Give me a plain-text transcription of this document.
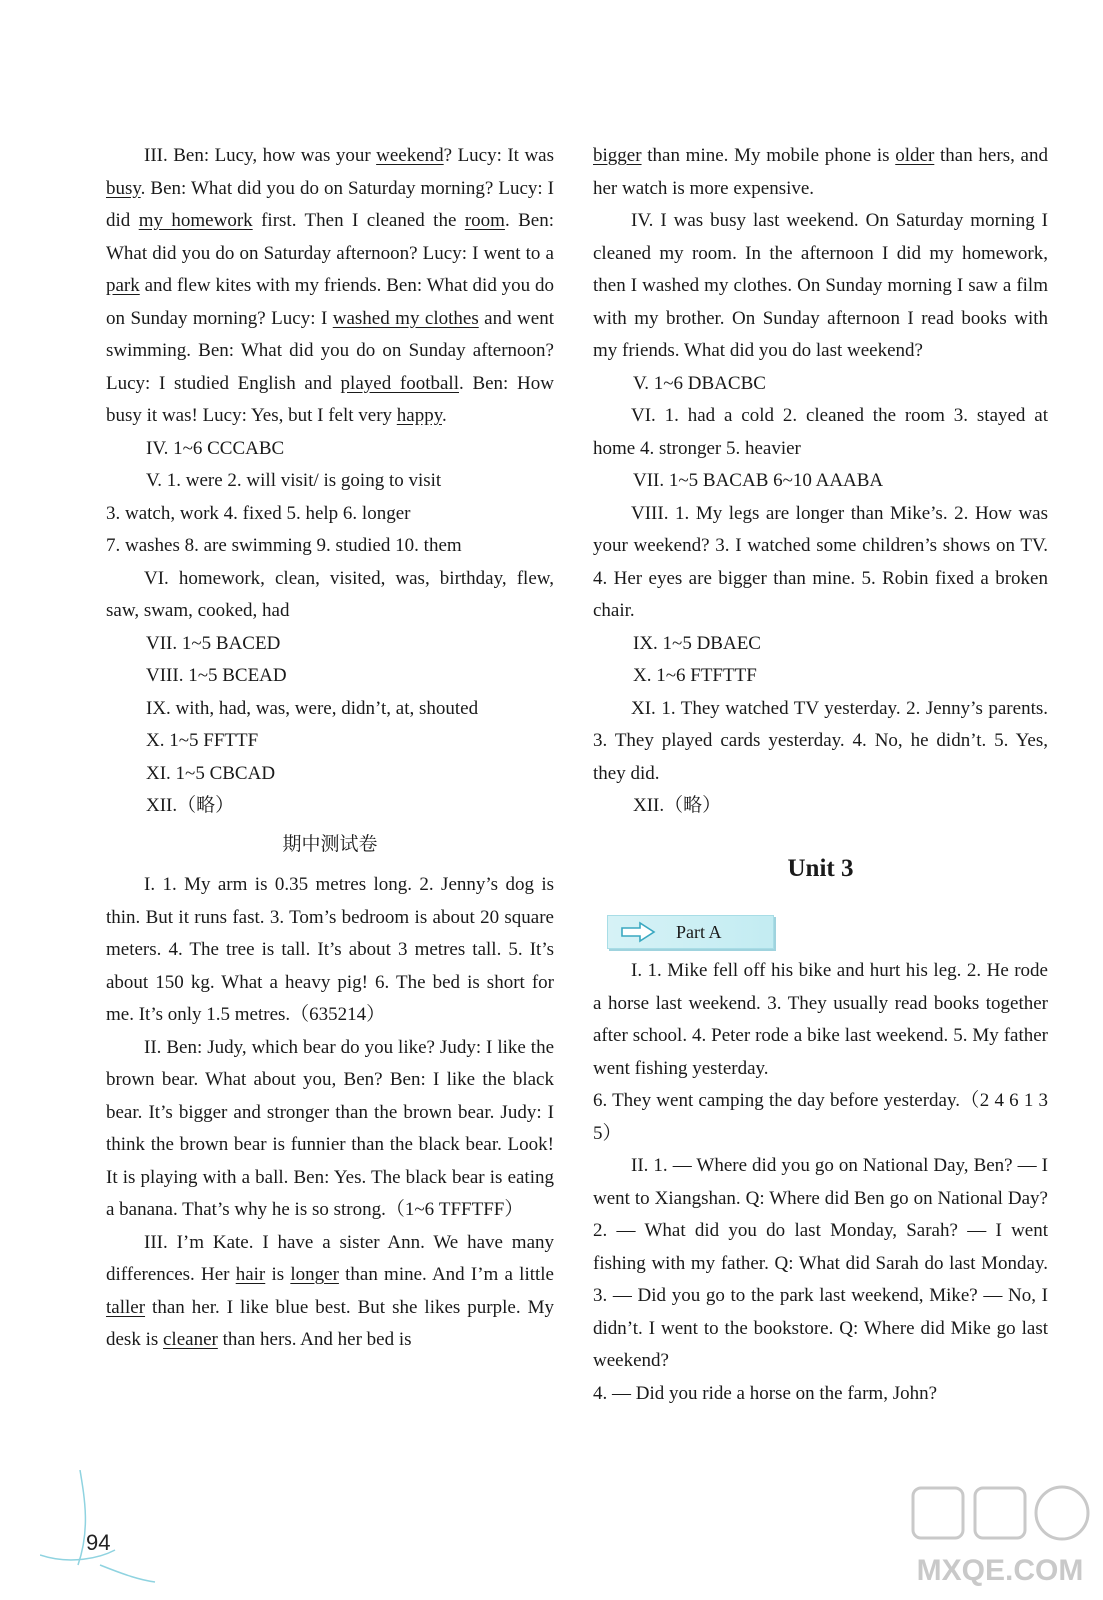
III. Ben: Lucy, how was your weekend? Lucy: It was busy. Ben: What did you do on Saturday morning? Lucy: I did my homework first. Then I cleaned the room. Ben: What did you do on Saturday afternoon? Lucy: I went to a park and flew kites with my friends. Ben: What did you do on Sunday morning? Lucy: I washed my clothes and went swimming. Ben: What did you do on Sunday afternoon? Lucy: I studied English and played football. Ben: How busy it was! Lucy: Yes, but I felt very happy.

IV. 1~6 CCCABC

V. 1. were 2. will visit/ is going to visit

3. watch, work 4. fixed 5. help 6. longer

7. washes 8. are swimming 9. studied 10. them

VI. homework, clean, visited, was, birthday, flew, saw, swam, cooked, had

VII. 1~5 BACED

VIII. 1~5 BCEAD

IX. with, had, was, were, didn’t, at, shouted

X. 1~5 FFTTF

XI. 1~5 CBCAD

XII.（略）

期中测试卷

I. 1. My arm is 0.35 metres long. 2. Jenny’s dog is thin. But it runs fast. 3. Tom’s bedroom is about 20 square meters. 4. The tree is tall. It’s about 3 metres tall. 5. It’s about 150 kg. What a heavy pig! 6. The bed is short for me. It’s only 1.5 metres.（635214）

II. Ben: Judy, which bear do you like? Judy: I like the brown bear. What about you, Ben? Ben: I like the black bear. It’s bigger and stronger than the brown bear. Judy: I think the brown bear is funnier than the black bear. Look! It is playing with a ball. Ben: Yes. The black bear is eating a banana. That’s why he is so strong.（1~6 TFFTFF）

III. I’m Kate. I have a sister Ann. We have many differences. Her hair is longer than mine. And I’m a little taller than her. I like blue best. But she likes purple. My desk is cleaner than hers. And her bed is

bigger than mine. My mobile phone is older than hers, and her watch is more expensive.

IV. I was busy last weekend. On Saturday morning I cleaned my room. In the afternoon I did my homework, then I washed my clothes. On Sunday morning I saw a film with my brother. On Sunday afternoon I read books with my friends. What did you do last weekend?

V. 1~6 DBACBC

VI. 1. had a cold 2. cleaned the room 3. stayed at home 4. stronger 5. heavier

VII. 1~5 BACAB 6~10 AAABA

VIII. 1. My legs are longer than Mike’s. 2. How was your weekend? 3. I watched some children’s shows on TV. 4. Her eyes are bigger than mine. 5. Robin fixed a broken chair.

IX. 1~5 DBAEC

X. 1~6 FTFTTF

XI. 1. They watched TV yesterday. 2. Jenny’s parents. 3. They played cards yesterday. 4. No, he didn’t. 5. Yes, they did.

XII.（略）

Unit 3

Part A

I. 1. Mike fell off his bike and hurt his leg. 2. He rode a horse last weekend. 3. They usually read books together after school. 4. Peter rode a bike last weekend. 5. My father went fishing yesterday.

6. They went camping the day before yesterday.（2 4 6 1 3 5）

II. 1. — Where did you go on National Day, Ben? — I went to Xiangshan. Q: Where did Ben go on National Day? 2. — What did you do last Monday, Sarah? — I went fishing with my father. Q: What did Sarah do last Monday. 3. — Did you go to the park last weekend, Mike? — No, I didn’t. I went to the bookstore. Q: Where did Mike go last weekend?

4. — Did you ride a horse on the farm, John?

94
MXQE.COM
